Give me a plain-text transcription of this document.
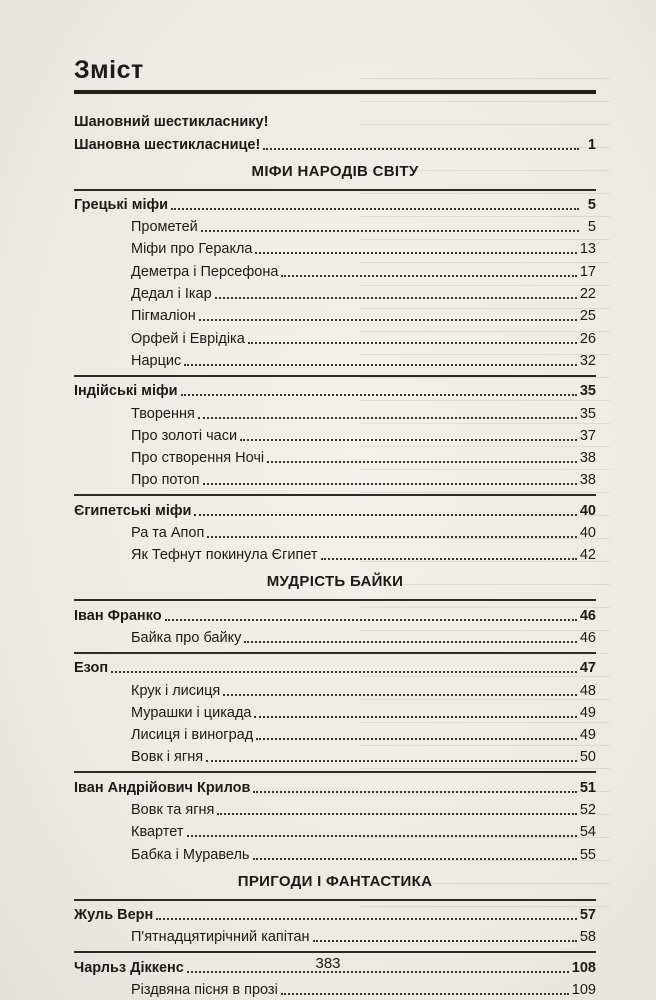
Зміст
Шановний шестикласнику!
Шановна шестикласнице!	1
МІФИ НАРОДІВ СВІТУ
Грецькі міфи	5
Прометей	5
Міфи про Геракла	13
Деметра і Персефона	17
Дедал і Ікар	22
Пігмаліон	25
Орфей і Еврідіка	26
Нарцис	32
Індійські міфи	35
Творення	35
Про золоті часи	37
Про створення Ночі	38
Про потоп	38
Єгипетські міфи	40
Ра та Апоп	40
Як Тефнут покинула Єгипет	42
МУДРІСТЬ БАЙКИ
Іван Франко	46
Байка про байку	46
Езоп	47
Крук і лисиця	48
Мурашки і цикада	49
Лисиця і виноград	49
Вовк і ягня	50
Іван Андрійович Крилов	51
Вовк та ягня	52
Квартет	54
Бабка і Муравель	55
ПРИГОДИ І ФАНТАСТИКА
Жуль Верн	57
П'ятнадцятирічний капітан	58
Чарльз Діккенс	108
Різдвяна пісня в прозі	109
383
